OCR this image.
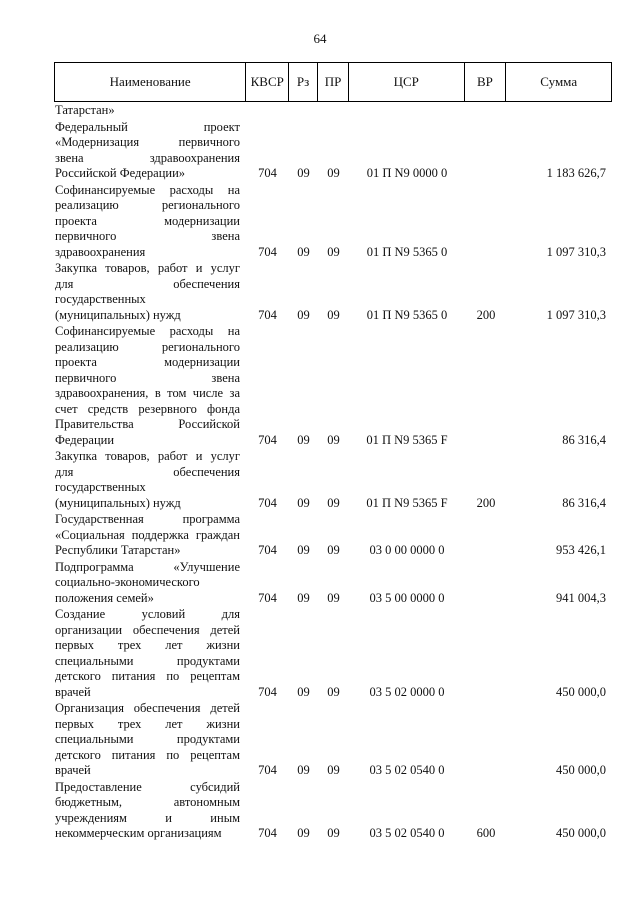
64
Наименование	КВСР	Рз	ПР	ЦСР	ВР	Сумма
Татарстан»
Федеральный проект
«Модернизация первичного
звена здравоохранения
Российской Федерации»	704	09	09	01 П N9 0000 0	1 183 626,7
Софинансируемые расходы на
реализацию регионального
проекта модернизации
первичного звена
здравоохранения	704	09	09	01 П N9 5365 0	1 097 310,3
Закупка товаров, работ и услуг
для обеспечения
государственных
(муниципальных) нужд	704	09	09	01 П N9 5365 0	200	1 097 310,3
Софинансируемые расходы на
реализацию регионального
проекта модернизации
первичного звена
здравоохранения, в том числе за
счет средств резервного фонда
Правительства Российской
Федерации	704	09	09	01 П N9 5365 F	86 316,4
Закупка товаров, работ и услуг
для обеспечения
государственных
(муниципальных) нужд	704	09	09	01 П N9 5365 F	200	86 316,4
Государственная программа
«Социальная поддержка граждан
Республики Татарстан»	704	09	09	03 0 00 0000 0	953 426,1
Подпрограмма «Улучшение
социально-экономического
положения семей»	704	09	09	03 5 00 0000 0	941 004,3
Создание условий для
организации обеспечения детей
первых трех лет жизни
специальными продуктами
детского питания по рецептам
врачей	704	09	09	03 5 02 0000 0	450 000,0
Организация обеспечения детей
первых трех лет жизни
специальными продуктами
детского питания по рецептам
врачей	704	09	09	03 5 02 0540 0	450 000,0
Предоставление субсидий
бюджетным, автономным
учреждениям и иным
некоммерческим организациям	704	09	09	03 5 02 0540 0	600	450 000,0
